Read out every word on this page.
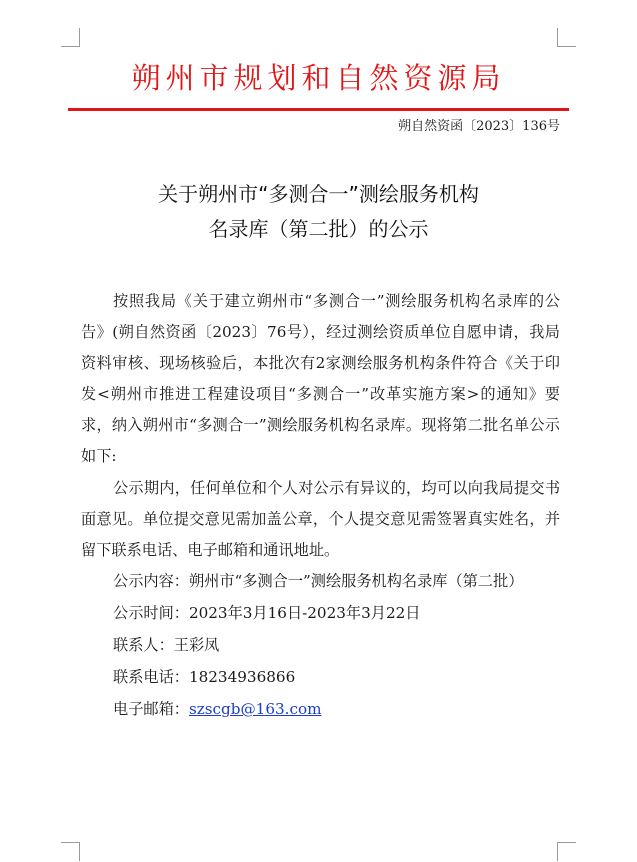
朔州市规划和自然资源局
朔自然资函〔2023〕136号
关于朔州市“多测合一”测绘服务机构
名录库（第二批）的公示

按照我局《关于建立朔州市“多测合一”测绘服务机构名录库的公告》(朔自然资函〔2023〕76号），经过测绘资质单位自愿申请，我局资料审核、现场核验后，本批次有2家测绘服务机构条件符合《关于印发<朔州市推进工程建设项目“多测合一”改革实施方案>的通知》要求，纳入朔州市“多测合一”测绘服务机构名录库。现将第二批名单公示如下:

公示期内，任何单位和个人对公示有异议的，均可以向我局提交书面意见。单位提交意见需加盖公章，个人提交意见需签署真实姓名，并留下联系电话、电子邮箱和通讯地址。

公示内容：朔州市“多测合一”测绘服务机构名录库（第二批）

公示时间：2023年3月16日-2023年3月22日

联系人：王彩凤

联系电话：18234936866

电子邮箱：szscgb@163.com
